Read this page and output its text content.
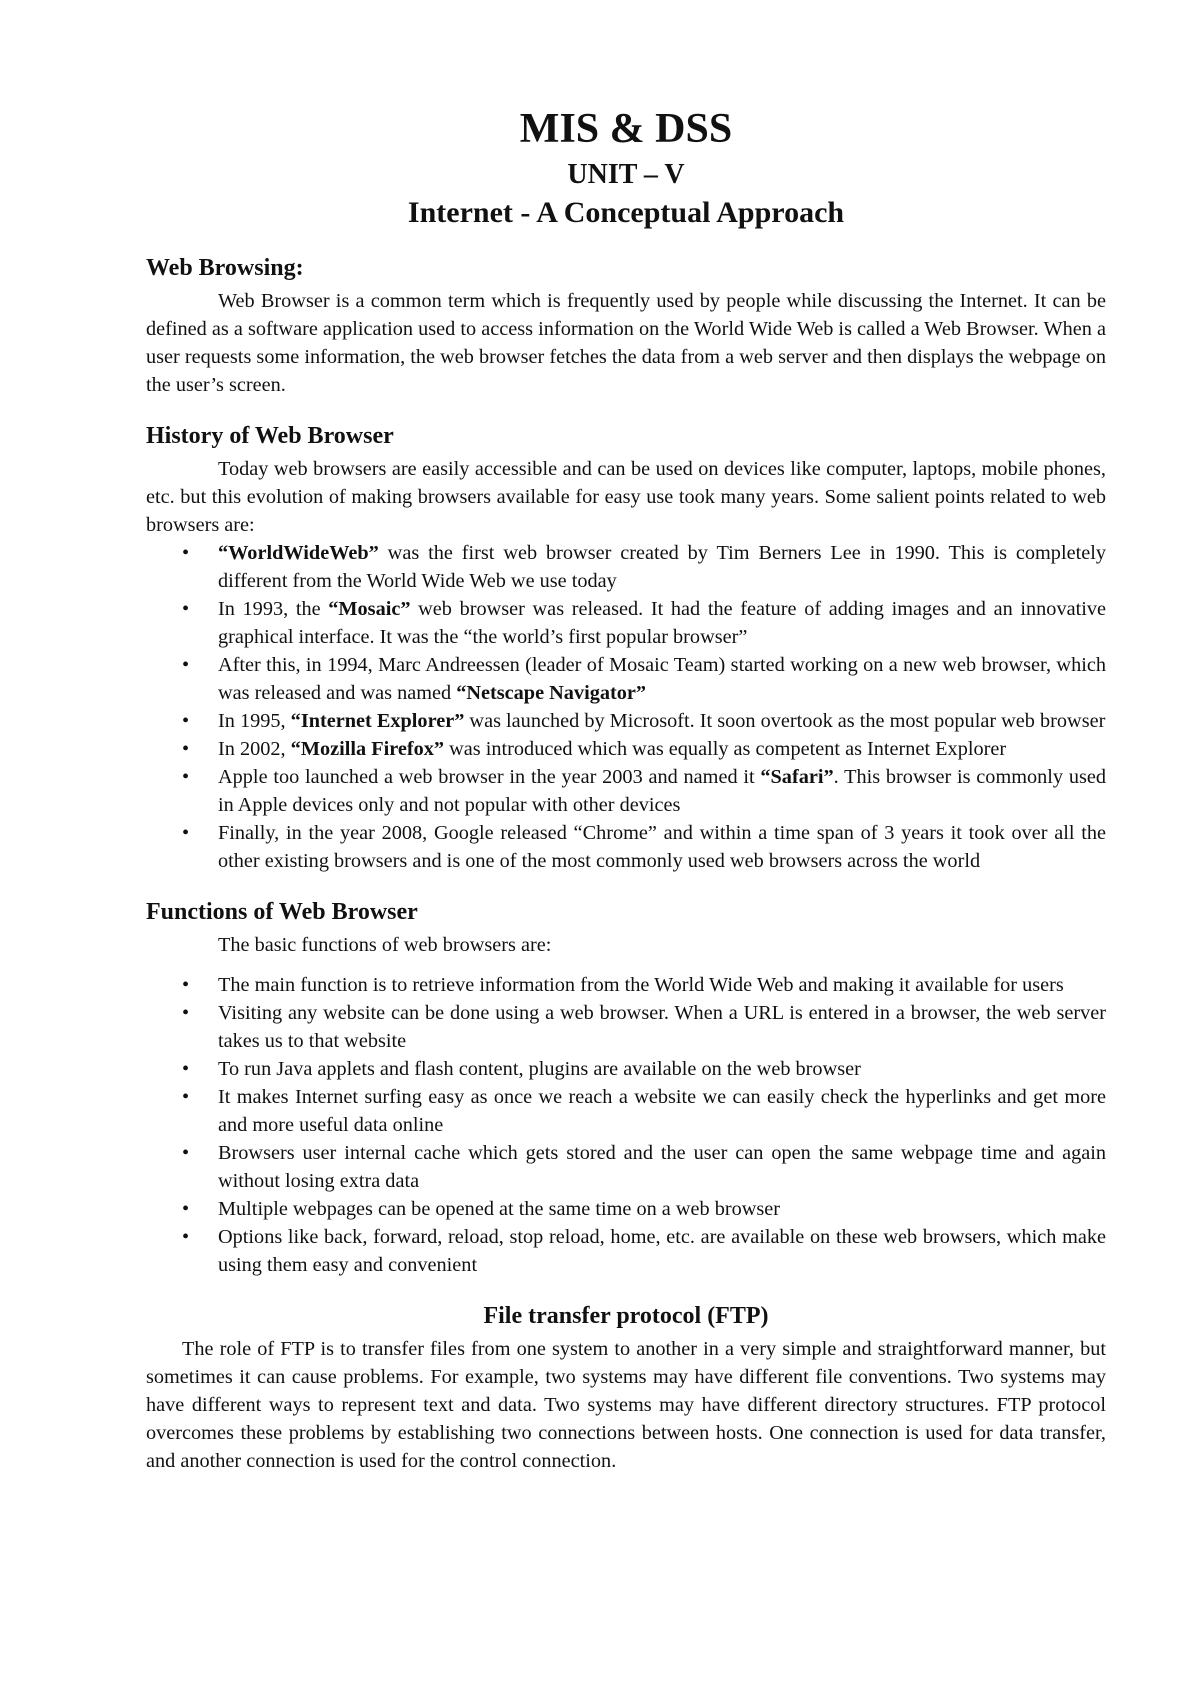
MIS & DSS
UNIT – V
Internet - A Conceptual Approach
Web Browsing:

Web Browser is a common term which is frequently used by people while discussing the Internet. It can be defined as a software application used to access information on the World Wide Web is called a Web Browser. When a user requests some information, the web browser fetches the data from a web server and then displays the webpage on the user’s screen.

History of Web Browser

Today web browsers are easily accessible and can be used on devices like computer, laptops, mobile phones, etc. but this evolution of making browsers available for easy use took many years. Some salient points related to web browsers are:

• “WorldWideWeb” was the first web browser created by Tim Berners Lee in 1990. This is completely different from the World Wide Web we use today
• In 1993, the “Mosaic” web browser was released. It had the feature of adding images and an innovative graphical interface. It was the “the world’s first popular browser”
• After this, in 1994, Marc Andreessen (leader of Mosaic Team) started working on a new web browser, which was released and was named “Netscape Navigator”
• In 1995, “Internet Explorer” was launched by Microsoft. It soon overtook as the most popular web browser
• In 2002, “Mozilla Firefox” was introduced which was equally as competent as Internet Explorer
• Apple too launched a web browser in the year 2003 and named it “Safari”. This browser is commonly used in Apple devices only and not popular with other devices
• Finally, in the year 2008, Google released “Chrome” and within a time span of 3 years it took over all the other existing browsers and is one of the most commonly used web browsers across the world
Functions of Web Browser

The basic functions of web browsers are:

• The main function is to retrieve information from the World Wide Web and making it available for users
• Visiting any website can be done using a web browser. When a URL is entered in a browser, the web server takes us to that website
• To run Java applets and flash content, plugins are available on the web browser
• It makes Internet surfing easy as once we reach a website we can easily check the hyperlinks and get more and more useful data online
• Browsers user internal cache which gets stored and the user can open the same webpage time and again without losing extra data
• Multiple webpages can be opened at the same time on a web browser
• Options like back, forward, reload, stop reload, home, etc. are available on these web browsers, which make using them easy and convenient
File transfer protocol (FTP)

The role of FTP is to transfer files from one system to another in a very simple and straightforward manner, but sometimes it can cause problems. For example, two systems may have different file conventions. Two systems may have different ways to represent text and data. Two systems may have different directory structures. FTP protocol overcomes these problems by establishing two connections between hosts. One connection is used for data transfer, and another connection is used for the control connection.
